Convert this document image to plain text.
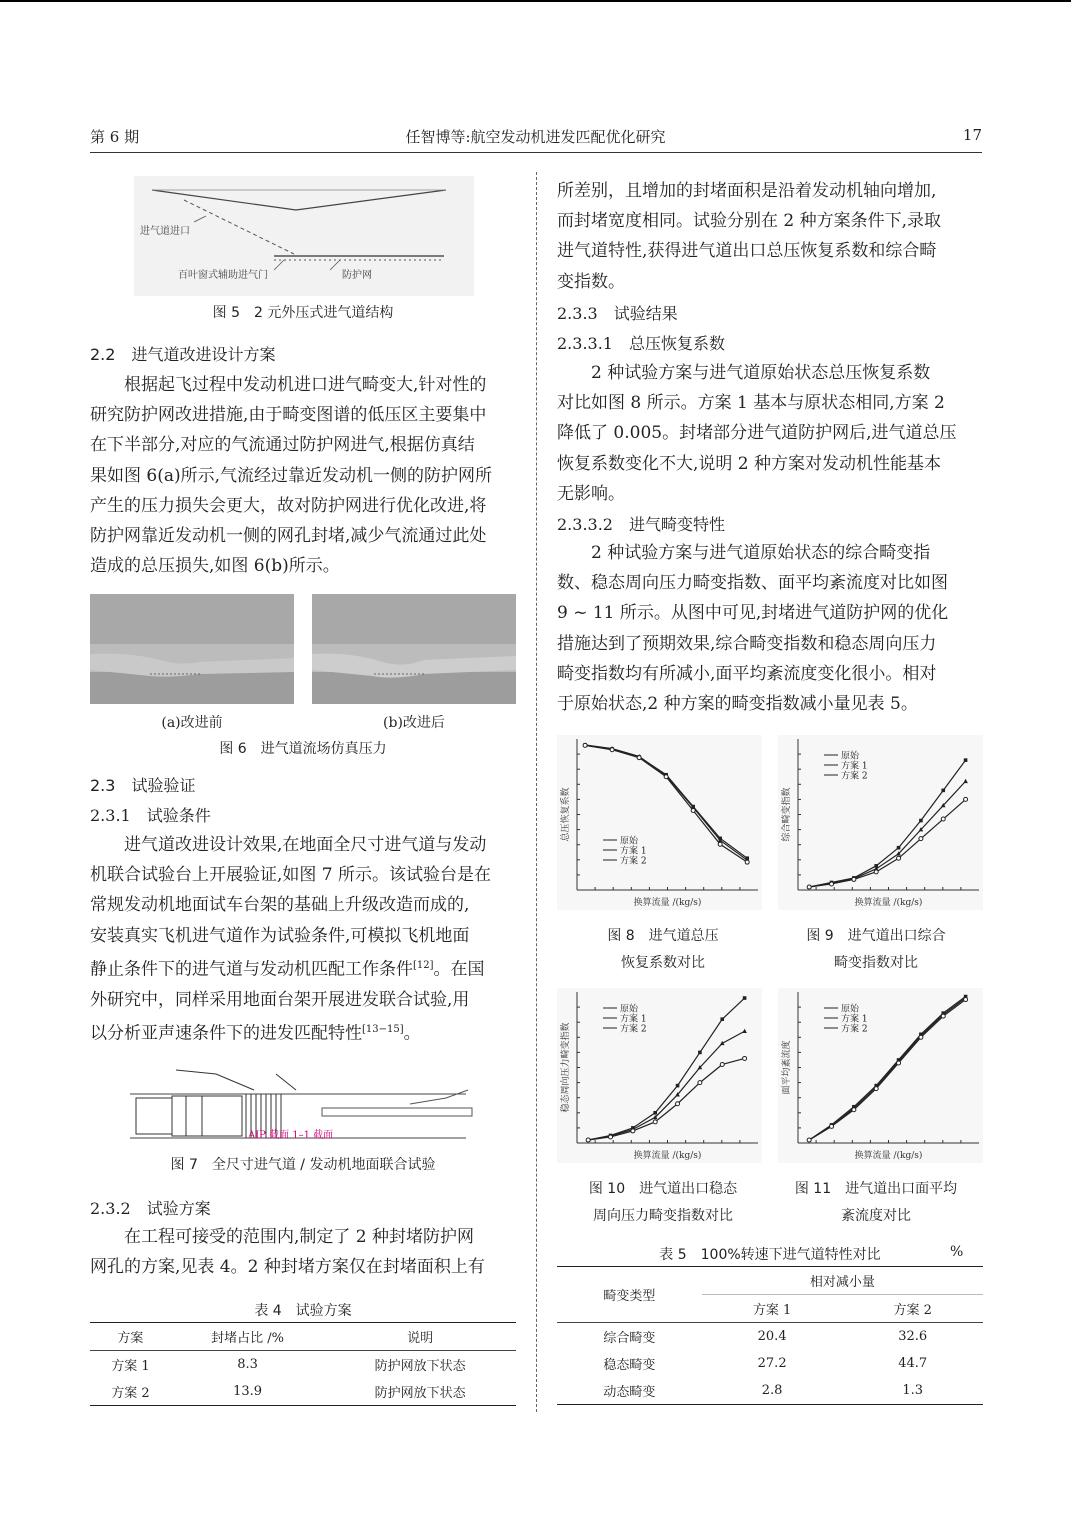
第 6 期	任智博等:航空发动机进发匹配优化研究	17
进气道进口
百叶窗式辅助进气门	防护网
图 5　2 元外压式进气道结构
2.2　进气道改进设计方案

根据起飞过程中发动机进口进气畸变大,针对性的

研究防护网改进措施,由于畸变图谱的低压区主要集中

在下半部分,对应的气流通过防护网进气,根据仿真结

果如图 6(a)所示,气流经过靠近发动机一侧的防护网所

产生的压力损失会更大，故对防护网进行优化改进,将

防护网靠近发动机一侧的网孔封堵,减少气流通过此处

造成的总压损失,如图 6(b)所示。

(a)改进前	(b)改进后
图 6　进气道流场仿真压力
2.3　试验验证
2.3.1　试验条件

进气道改进设计效果,在地面全尺寸进气道与发动

机联合试验台上开展验证,如图 7 所示。该试验台是在

常规发动机地面试车台架的基础上升级改造而成的,

安装真实飞机进气道作为试验条件,可模拟飞机地面

静止条件下的进气道与发动机匹配工作条件[12]。在国

外研究中，同样采用地面台架开展进发联合试验,用

以分析亚声速条件下的进发匹配特性[13−15]。

AIP 截面 1–1 截面
图 7　全尺寸进气道 / 发动机地面联合试验
2.3.2　试验方案

在工程可接受的范围内,制定了 2 种封堵防护网

网孔的方案,见表 4。2 种封堵方案仅在封堵面积上有

表 4　试验方案
方案	封堵占比 /%	说明
方案 1	8.3	防护网放下状态
方案 2	13.9	防护网放下状态

所差别，且增加的封堵面积是沿着发动机轴向增加,

而封堵宽度相同。试验分别在 2 种方案条件下,录取

进气道特性,获得进气道出口总压恢复系数和综合畸

变指数。

2.3.3　试验结果
2.3.3.1　总压恢复系数

2 种试验方案与进气道原始状态总压恢复系数

对比如图 8 所示。方案 1 基本与原状态相同,方案 2

降低了 0.005。封堵部分进气道防护网后,进气道总压

恢复系数变化不大,说明 2 种方案对发动机性能基本

无影响。

2.3.3.2　进气畸变特性

2 种试验方案与进气道原始状态的综合畸变指

数、稳态周向压力畸变指数、面平均紊流度对比如图

9 ~ 11 所示。从图中可见,封堵进气道防护网的优化

措施达到了预期效果,综合畸变指数和稳态周向压力

畸变指数均有所减小,面平均紊流度变化很小。相对

于原始状态,2 种方案的畸变指数减小量见表 5。

换算流量 /(kg/s)
总压恢复系数	原始
方案 1
方案 2
换算流量 /(kg/s)
综合畸变指数
原始
方案 1
方案 2
换算流量 /(kg/s)
稳态周向压力畸变指数
原始
方案 1
方案 2
换算流量 /(kg/s)
面平均紊流度
原始
方案 1
方案 2
图 8　进气道总压
恢复系数对比
图 9　进气道出口综合
畸变指数对比
图 10　进气道出口稳态
周向压力畸变指数对比
图 11　进气道出口面平均
紊流度对比
表 5　100%转速下进气道特性对比	%
畸变类型	相对减小量	
	方案 1	方案 2
综合畸变	20.4	32.6
稳态畸变	27.2	44.7
动态畸变	2.8	1.3
